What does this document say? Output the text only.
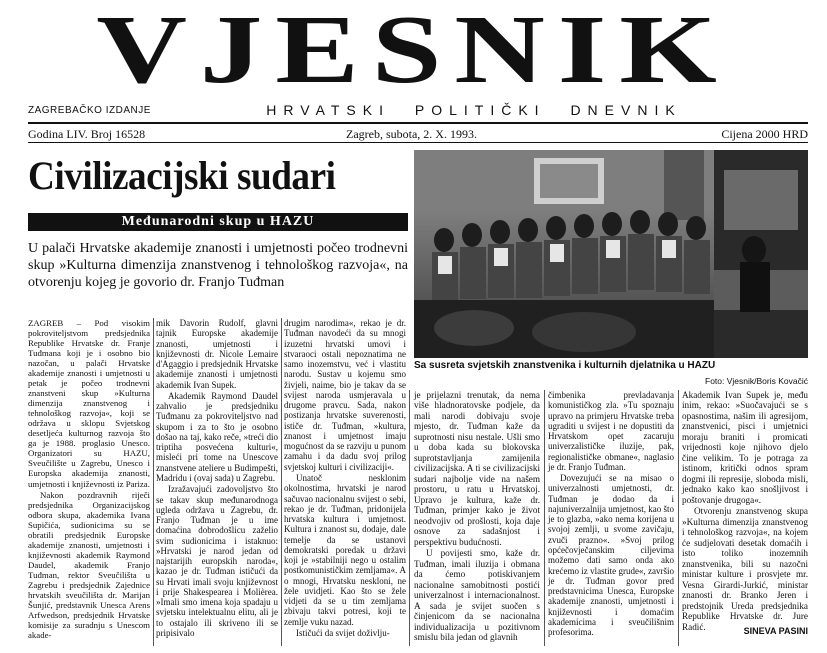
VJESNIK
ZAGREBAČKO IZDANJE	HRVATSKI POLITIČKI DNEVNIK
Godina LIV. Broj 16528	Zagreb, subota, 2. X. 1993.	Cijena 2000 HRD
Civilizacijski sudari
Međunarodni skup u HAZU
U palači Hrvatske akademije znanosti i umjetnosti počeo trodnevni skup »Kulturna dimenzija znanstvenog i tehnološkog razvoja«, na otvorenju kojeg je govorio dr. Franjo Tuđman
Sa susreta svjetskih znanstvenika i kulturnih djelatnika u HAZU
Foto: Vjesnik/Boris Kovačić

ZAGREB – Pod visokim pokroviteljstvom predsjednika Republike Hrvatske dr. Franje Tuđmana koji je i osobno bio nazočan, u palači Hrvatske akademije znanosti i umjetnosti u petak je počeo trodnevni znanstveni skup »Kulturna dimenzija znanstvenog i tehnološkog razvoja«, koji se održava u sklopu Svjetskog desetljeća kulturnog razvoja što ga je 1988. proglasio Unesco. Organizatori su HAZU, Sveučilište u Zagrebu, Unesco i Europska akademija znanosti, umjetnosti i književnosti iz Pariza.

Nakon pozdravnih riječi predsjednika Organizacijskog odbora skupa, akademika Ivana Supičića, sudionicima su se obratili predsjednik Europske akademije znanosti, umjetnosti i književnosti akademik Raymond Daudel, akademik Franjo Tuđman, rektor Sveučilišta u Zagrebu i predsjednik Zajednice hrvatskih sveučilišta dr. Marijan Šunjić, predstavnik Unesca Arens Arfwedson, predsjednik Hrvatske komisije za suradnju s Unescom akade-

mik Davorin Rudolf, glavni tajnik Europske akademije znanosti, umjetnosti i književnosti dr. Nicole Lemaire d'Agaggio i predsjednik Hrvatske akademije znanosti i umjetnosti akademik Ivan Supek.

Akademik Raymond Daudel zahvalio je predsjedniku Tuđmanu za pokroviteljstvo nad skupom i za to što je osobno došao na taj, kako reče, »treći dio triptiha posvećena kulturi«, misleći pri tome na Unescove znanstvene ateliere u Budimpešti, Madridu i (ovaj sada) u Zagrebu.

Izražavajući zadovoljstvo što se takav skup međunarodnoga ugleda održava u Zagrebu, dr. Franjo Tuđman je u ime domaćina dobrodošlicu zaželio svim sudionicima i istaknuo: »Hrvatski je narod jedan od najstarijih europskih naroda«, kazao je dr. Tuđman ističući da su Hrvati imali svoju književnost i prije Shakespearea i Molièrea. »Imali smo imena koja spadaju u svjetsku intelektualnu elitu, ali je to ostajalo ili skriveno ili se pripisivalo

drugim narodima«, rekao je dr. Tuđman navodeći da su mnogi izuzetni hrvatski umovi i stvaraoci ostali nepoznatima ne samo inozemstvu, već i vlastitu narodu. Sustav u kojemu smo živjeli, naime, bio je takav da se svijest naroda usmjeravala u drugome pravcu. Sada, nakon postizanja hrvatske suverenosti, ističe dr. Tuđman, »kultura, znanost i umjetnost imaju mogućnost da se razviju u punom zamahu i da dadu svoj prilog svjetskoj kulturi i civilizaciji«.

Unatoč nesklonim okolnostima, hrvatski je narod sačuvao nacionalnu svijest o sebi, rekao je dr. Tuđman, pridonijela hrvatska kultura i umjetnost. Kultura i znanost su, dodaje, dale temelje da se ustanovi demokratski poredak u državi koji je »stabilniji nego u ostalim postkomunističkim zemljama«. A o mnogi, Hrvatsku neskloni, ne žele uvidjeti. Kao što se žele vidjeti da se u tim zemljama zbivaju takvi potresi, koji te zemlje vuku nazad.

Ističući da svijet doživlju-

je prijelazni trenutak, da nema više hladnoratovske podjele, da mali narodi dobivaju svoje mjesto, dr. Tuđman kaže da suprotnosti nisu nestale. Ušli smo u doba kada su blokovska suprotstavljanja zamijenila civilizacijska. A ti se civilizacijski sudari najbolje vide na našem prostoru, u ratu u Hrvatskoj. Upravo je kultura, kaže dr. Tuđman, primjer kako je život neodvojiv od prošlosti, koja daje osnove za sadašnjost i perspektivu budućnosti.

U povijesti smo, kaže dr. Tuđman, imali iluzija i obmana da ćemo potiskivanjem nacionalne samobitnosti postići univerzalnost i internacionalnost. A sada je svijet suočen s činjenicom da se nacionalna individualizacija u pozitivnom smislu bila jedan od glavnih

čimbenika prevladavanja komunističkog zla. »Tu spoznaju upravo na primjeru Hrvatske treba ugraditi u svijest i ne dopustiti da Hrvatskom opet zacaruju univerzalističke iluzije, pak, regionalističke obmane«, naglasio je dr. Franjo Tuđman.

Dovezujući se na misao o univerzalnosti umjetnosti, dr. Tuđman je dodao da i najuniverzalnija umjetnost, kao što je to glazba, »ako nema korijena u svojoj zemlji, u svome zavičaju, zvuči prazno«. »Svoj prilog općečovječanskim ciljevima možemo dati samo onda ako krećemo iz vlastite grude«, završio je dr. Tuđman govor pred predstavnicima Unesca, Europske akademije znanosti, umjetnosti i književnosti i domaćim akademicima i sveučilišnim profesorima.

Akademik Ivan Supek je, među inim, rekao: »Suočavajući se s opasnostima, našim ili agresijom, znanstvenici, pisci i umjetnici moraju braniti i promicati vrijednosti koje njihovo djelo čine velikim. To je potraga za istinom, kritički odnos spram dogmi ili represije, sloboda misli, jednako kako kao snošljivost i poštovanje drugoga«.

Otvorenju znanstvenog skupa »Kulturna dimenzija znanstvenog i tehnološkog razvoja«, na kojem će sudjelovati desetak domaćih i isto toliko inozemnih znanstvenika, bili su nazočni ministar kulture i prosvjete mr. Vesna Girardi-Jurkić, ministar znanosti dr. Branko Jeren i predstojnik Ureda predsjednika Republike Hrvatske dr. Jure Radić.	SINEVA PASINI
